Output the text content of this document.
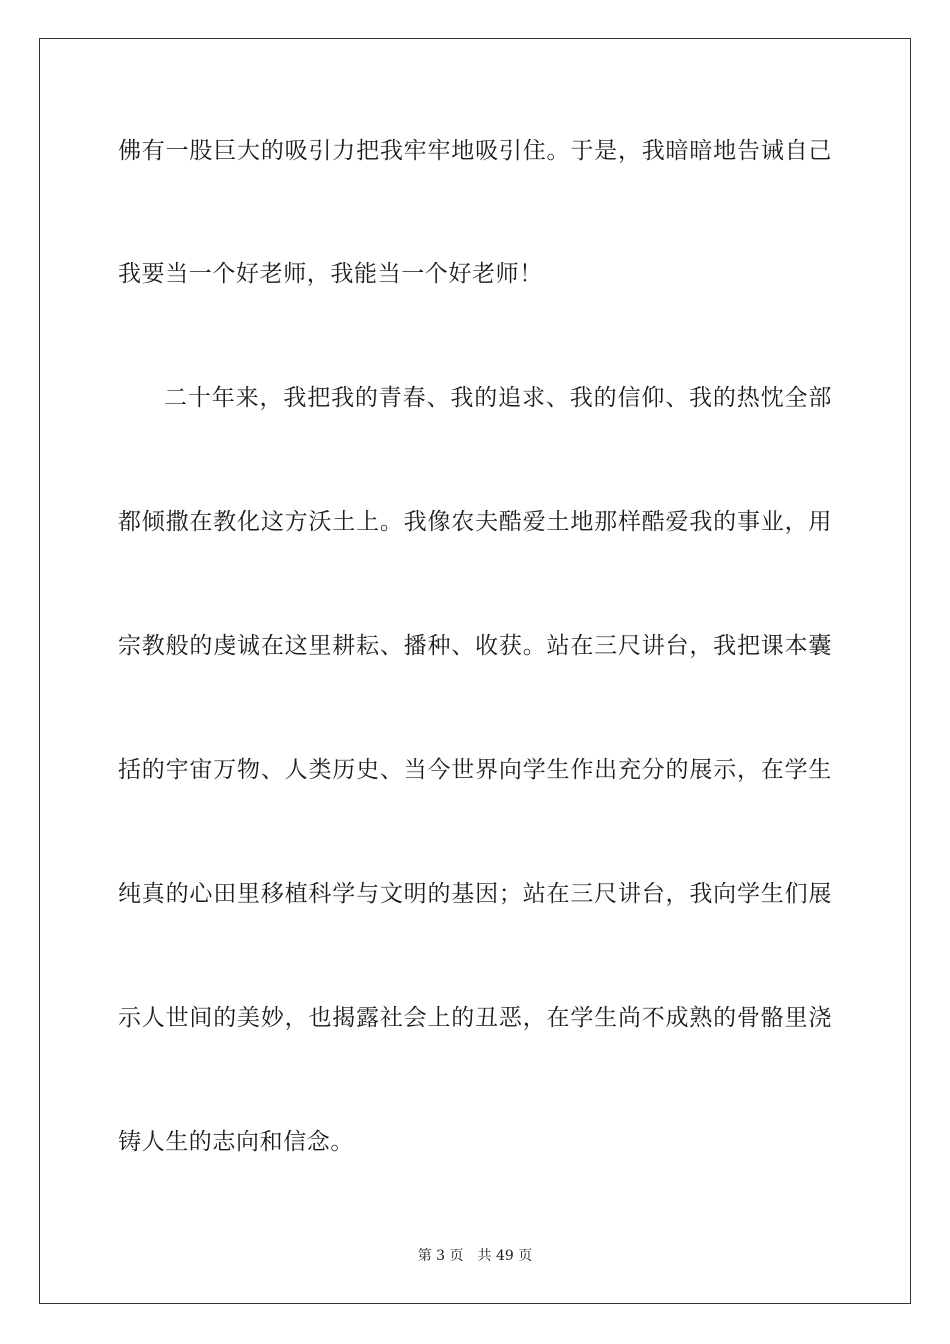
佛有一股巨大的吸引力把我牢牢地吸引住。于是，我暗暗地告诫自己
我要当一个好老师，我能当一个好老师！
二十年来，我把我的青春、我的追求、我的信仰、我的热忱全部
都倾撒在教化这方沃土上。我像农夫酷爱土地那样酷爱我的事业，用
宗教般的虔诚在这里耕耘、播种、收获。站在三尺讲台，我把课本囊
括的宇宙万物、人类历史、当今世界向学生作出充分的展示，在学生
纯真的心田里移植科学与文明的基因；站在三尺讲台，我向学生们展
示人世间的美妙，也揭露社会上的丑恶，在学生尚不成熟的骨骼里浇
铸人生的志向和信念。
第 3 页 共 49 页
